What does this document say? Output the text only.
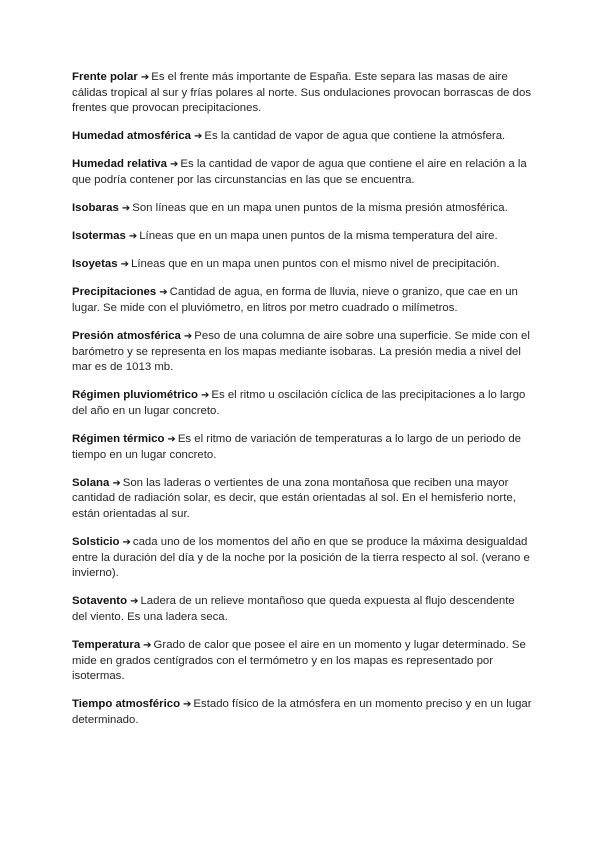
Frente polar ➔ Es el frente más importante de España. Este separa las masas de aire cálidas tropical al sur y frías polares al norte. Sus ondulaciones provocan borrascas de dos frentes que provocan precipitaciones.

Humedad atmosférica ➔ Es la cantidad de vapor de agua que contiene la atmósfera.

Humedad relativa ➔ Es la cantidad de vapor de agua que contiene el aire en relación a la que podría contener por las circunstancias en las que se encuentra.

Isobaras ➔ Son líneas que en un mapa unen puntos de la misma presión atmosférica.

Isotermas ➔ Líneas que en un mapa unen puntos de la misma temperatura del aire.

Isoyetas ➔ Líneas que en un mapa unen puntos con el mismo nivel de precipitación.

Precipitaciones ➔ Cantidad de agua, en forma de lluvia, nieve o granizo, que cae en un lugar. Se mide con el pluviómetro, en litros por metro cuadrado o milímetros.

Presión atmosférica ➔ Peso de una columna de aire sobre una superficie. Se mide con el barómetro y se representa en los mapas mediante isobaras. La presión media a nivel del mar es de 1013 mb.

Régimen pluviométrico ➔ Es el ritmo u oscilación cíclica de las precipitaciones a lo largo del año en un lugar concreto.

Régimen térmico ➔ Es el ritmo de variación de temperaturas a lo largo de un periodo de tiempo en un lugar concreto.

Solana ➔ Son las laderas o vertientes de una zona montañosa que reciben una mayor cantidad de radiación solar, es decir, que están orientadas al sol. En el hemisferio norte, están orientadas al sur.

Solsticio ➔ cada uno de los momentos del año en que se produce la máxima desigualdad entre la duración del día y de la noche por la posición de la tierra respecto al sol. (verano e invierno).

Sotavento ➔ Ladera de un relieve montañoso que queda expuesta al flujo descendente del viento. Es una ladera seca.

Temperatura ➔ Grado de calor que posee el aire en un momento y lugar determinado. Se mide en grados centígrados con el termómetro y en los mapas es representado por isotermas.

Tiempo atmosférico ➔ Estado físico de la atmósfera en un momento preciso y en un lugar determinado.
